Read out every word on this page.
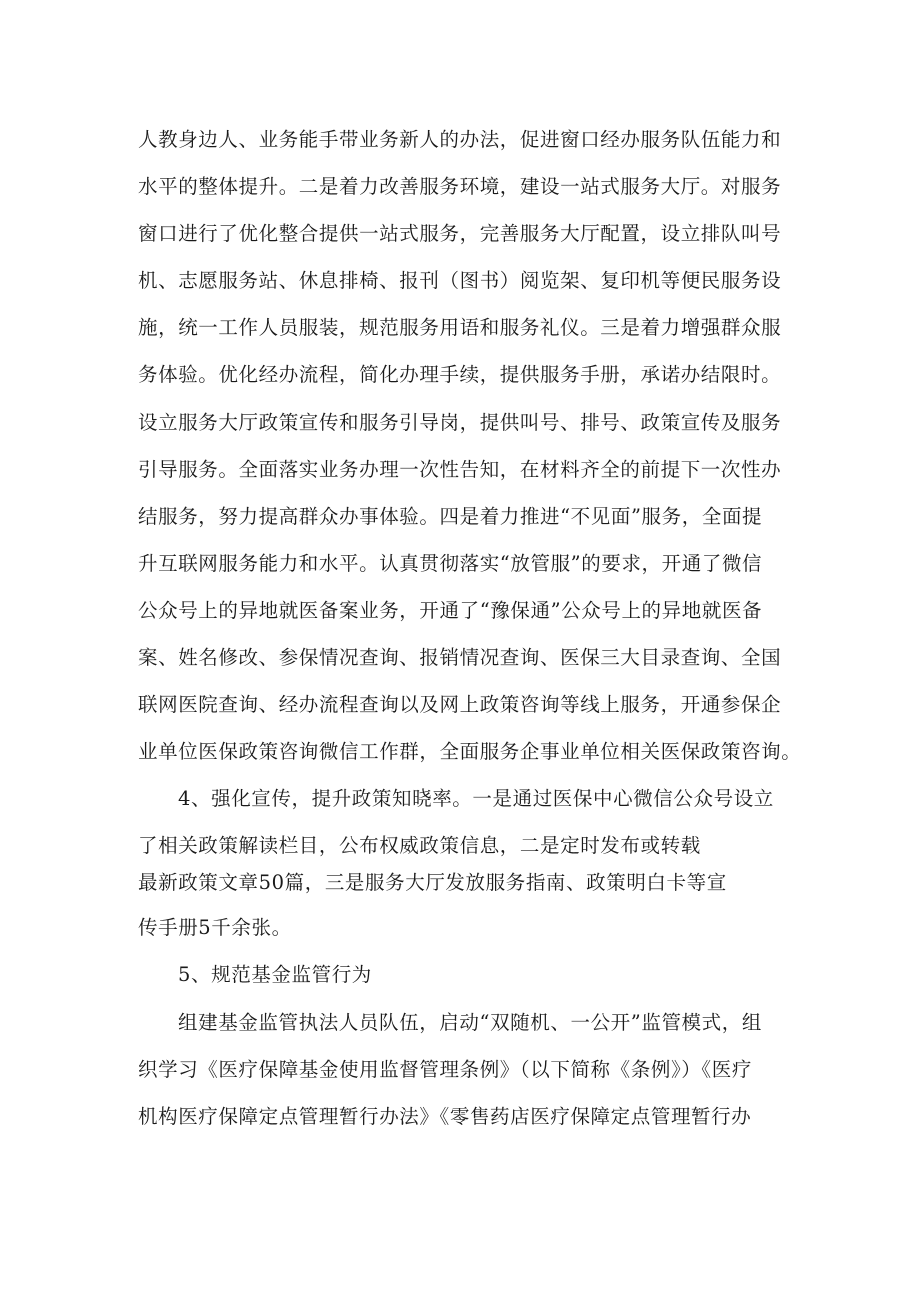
人教身边人、业务能手带业务新人的办法，促进窗口经办服务队伍能力和
水平的整体提升。二是着力改善服务环境，建设一站式服务大厅。对服务
窗口进行了优化整合提供一站式服务，完善服务大厅配置，设立排队叫号
机、志愿服务站、休息排椅、报刊（图书）阅览架、复印机等便民服务设
施，统一工作人员服装，规范服务用语和服务礼仪。三是着力增强群众服
务体验。优化经办流程，简化办理手续，提供服务手册，承诺办结限时。
设立服务大厅政策宣传和服务引导岗，提供叫号、排号、政策宣传及服务
引导服务。全面落实业务办理一次性告知，在材料齐全的前提下一次性办
结服务，努力提高群众办事体验。四是着力推进“不见面”服务，全面提
升互联网服务能力和水平。认真贯彻落实“放管服”的要求，开通了微信
公众号上的异地就医备案业务，开通了“豫保通”公众号上的异地就医备
案、姓名修改、参保情况查询、报销情况查询、医保三大目录查询、全国
联网医院查询、经办流程查询以及网上政策咨询等线上服务，开通参保企
业单位医保政策咨询微信工作群，全面服务企事业单位相关医保政策咨询。
4、强化宣传，提升政策知晓率。一是通过医保中心微信公众号设立
了相关政策解读栏目，公布权威政策信息，二是定时发布或转载
最新政策文章50篇，三是服务大厅发放服务指南、政策明白卡等宣
传手册5千余张。
5、规范基金监管行为
组建基金监管执法人员队伍，启动“双随机、一公开”监管模式，组
织学习《医疗保障基金使用监督管理条例》（以下简称《条例》）《医疗
机构医疗保障定点管理暂行办法》《零售药店医疗保障定点管理暂行办
